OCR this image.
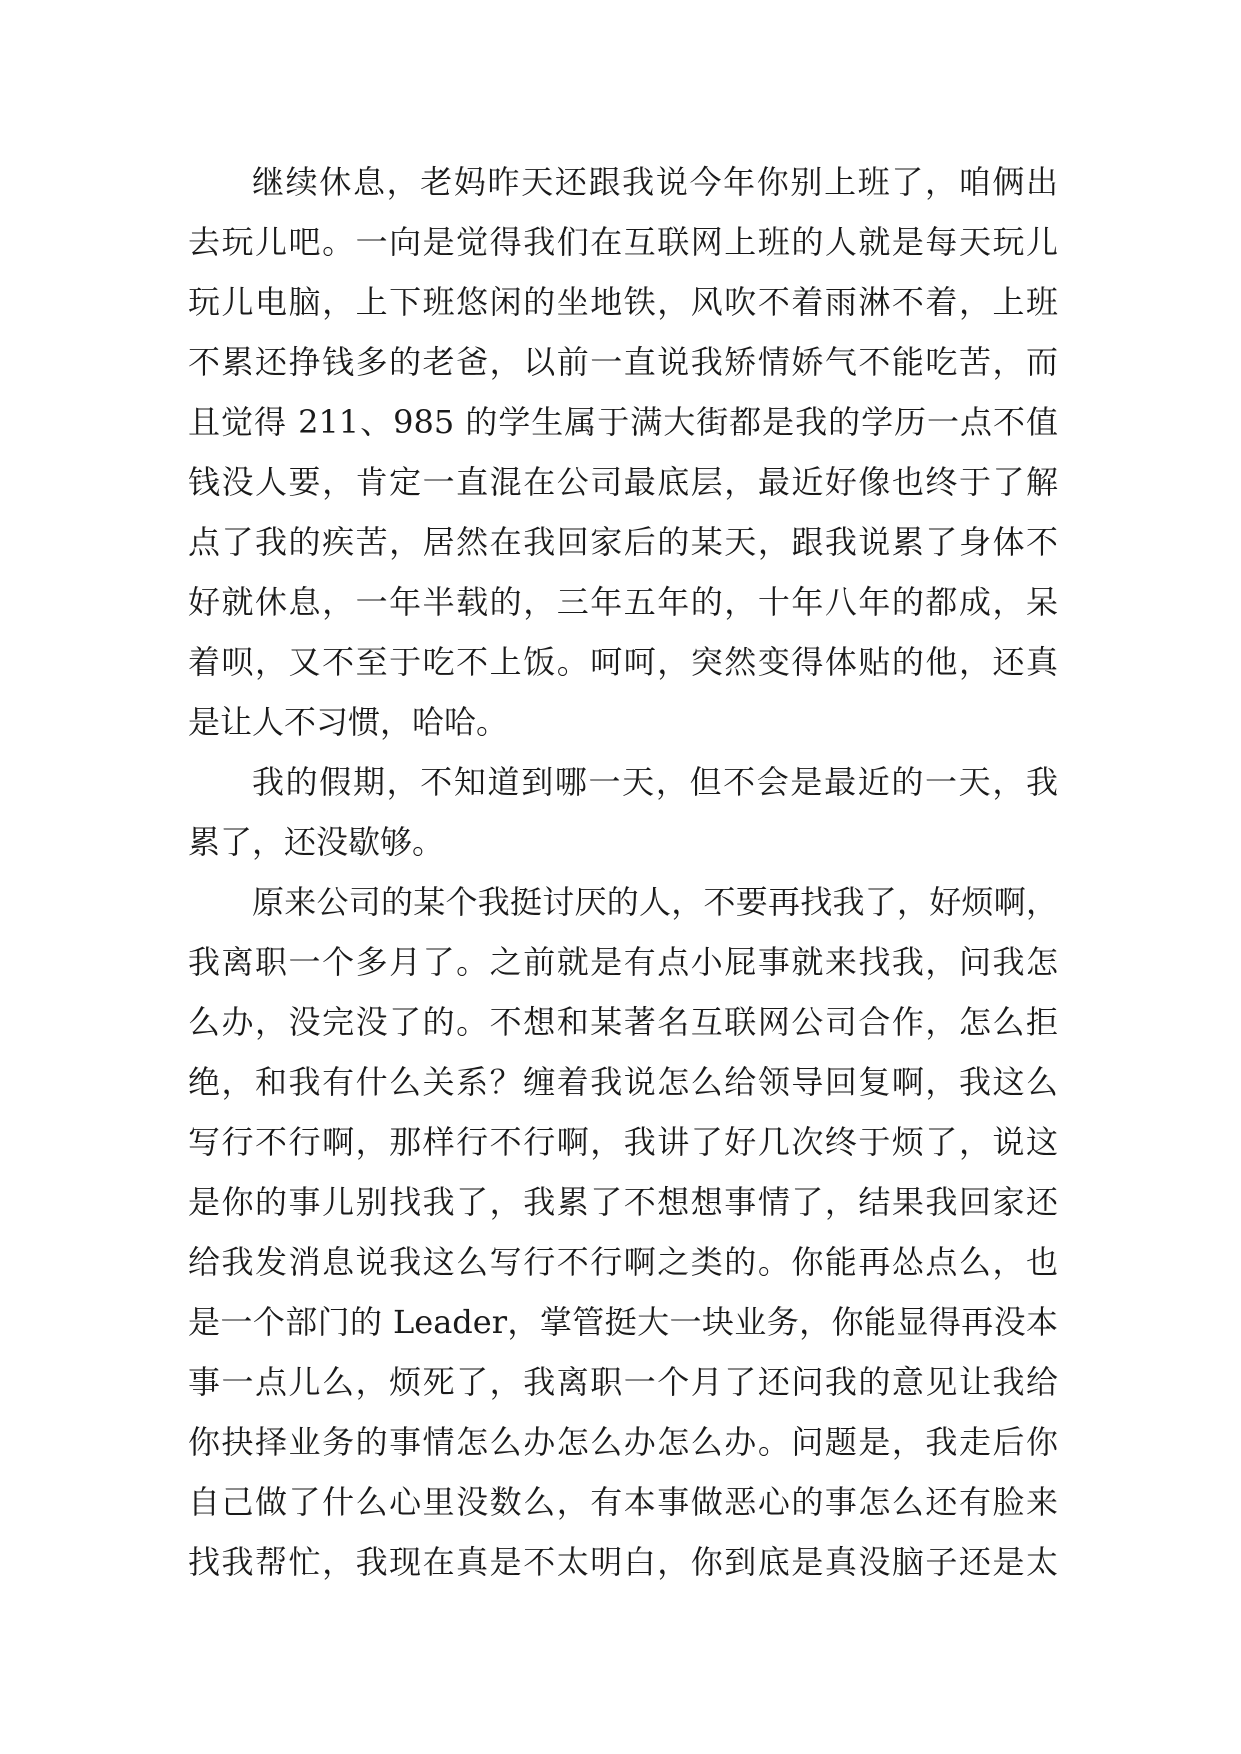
继续休息，老妈昨天还跟我说今年你别上班了，咱俩出
去玩儿吧。一向是觉得我们在互联网上班的人就是每天玩儿
玩儿电脑，上下班悠闲的坐地铁，风吹不着雨淋不着，上班
不累还挣钱多的老爸，以前一直说我矫情娇气不能吃苦，而
且觉得 211、985 的学生属于满大街都是我的学历一点不值
钱没人要，肯定一直混在公司最底层，最近好像也终于了解
点了我的疾苦，居然在我回家后的某天，跟我说累了身体不
好就休息，一年半载的，三年五年的，十年八年的都成，呆
着呗，又不至于吃不上饭。呵呵，突然变得体贴的他，还真
是让人不习惯，哈哈。
我的假期，不知道到哪一天，但不会是最近的一天，我
累了，还没歇够。
原来公司的某个我挺讨厌的人，不要再找我了，好烦啊，
我离职一个多月了。之前就是有点小屁事就来找我，问我怎
么办，没完没了的。不想和某著名互联网公司合作，怎么拒
绝，和我有什么关系？缠着我说怎么给领导回复啊，我这么
写行不行啊，那样行不行啊，我讲了好几次终于烦了，说这
是你的事儿别找我了，我累了不想想事情了，结果我回家还
给我发消息说我这么写行不行啊之类的。你能再怂点么，也
是一个部门的 Leader，掌管挺大一块业务，你能显得再没本
事一点儿么，烦死了，我离职一个月了还问我的意见让我给
你抉择业务的事情怎么办怎么办怎么办。问题是，我走后你
自己做了什么心里没数么，有本事做恶心的事怎么还有脸来
找我帮忙，我现在真是不太明白，你到底是真没脑子还是太
